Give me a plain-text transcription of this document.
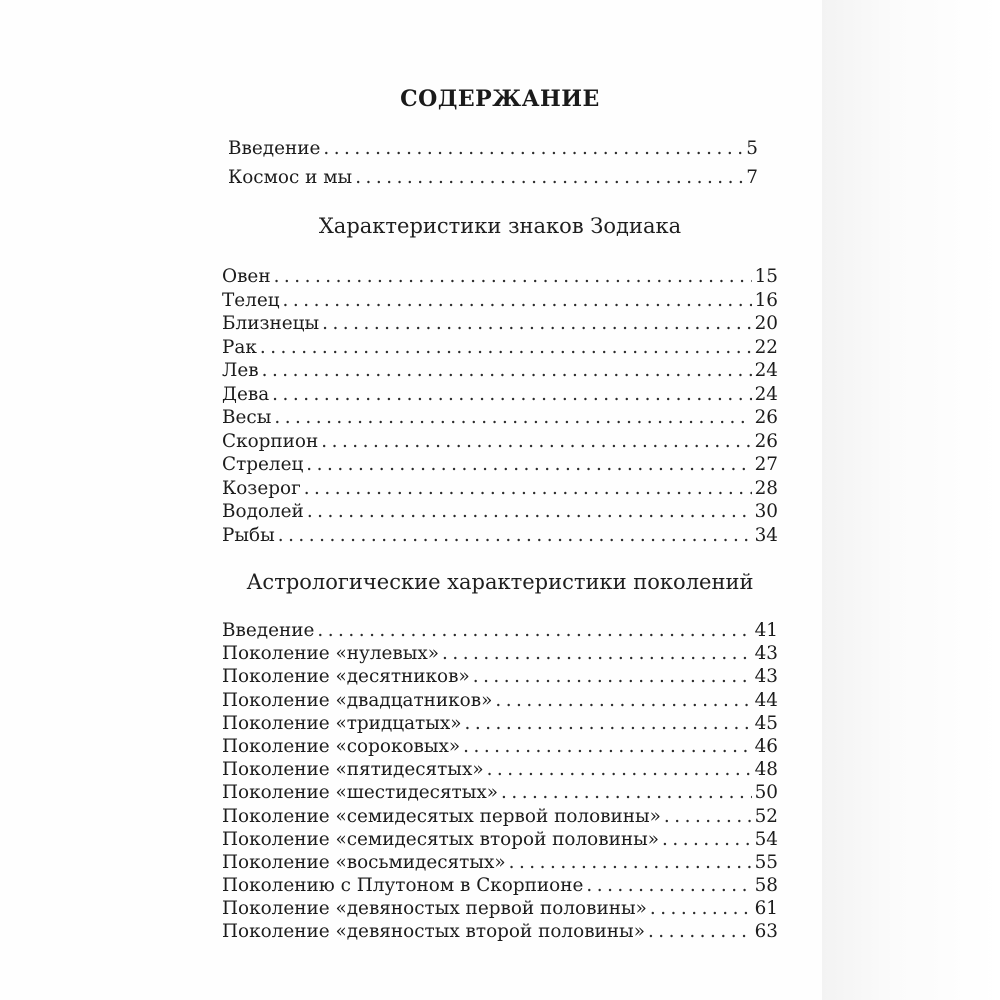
СОДЕРЖАНИЕ
Введение .....	5
Космос и мы .....	7
Характеристики знаков Зодиака
Овен .....	15
Телец .....	16
Близнецы .....	20
Рак .....	22
Лев .....	24
Дева .....	24
Весы .....	26
Скорпион .....	26
Стрелец .....	27
Козерог .....	28
Водолей .....	30
Рыбы .....	34
Астрологические характеристики поколений
Введение .....	41
Поколение «нулевых» .....	43
Поколение «десятников» .....	43
Поколение «двадцатников» .....	44
Поколение «тридцатых» .....	45
Поколение «сороковых» .....	46
Поколение «пятидесятых» .....	48
Поколение «шестидесятых» .....	50
Поколение «семидесятых первой половины» .....	52
Поколение «семидесятых второй половины» .....	54
Поколение «восьмидесятых» .....	55
Поколению с Плутоном в Скорпионе .....	58
Поколение «девяностых первой половины» .....	61
Поколение «девяностых второй половины» .....	63
